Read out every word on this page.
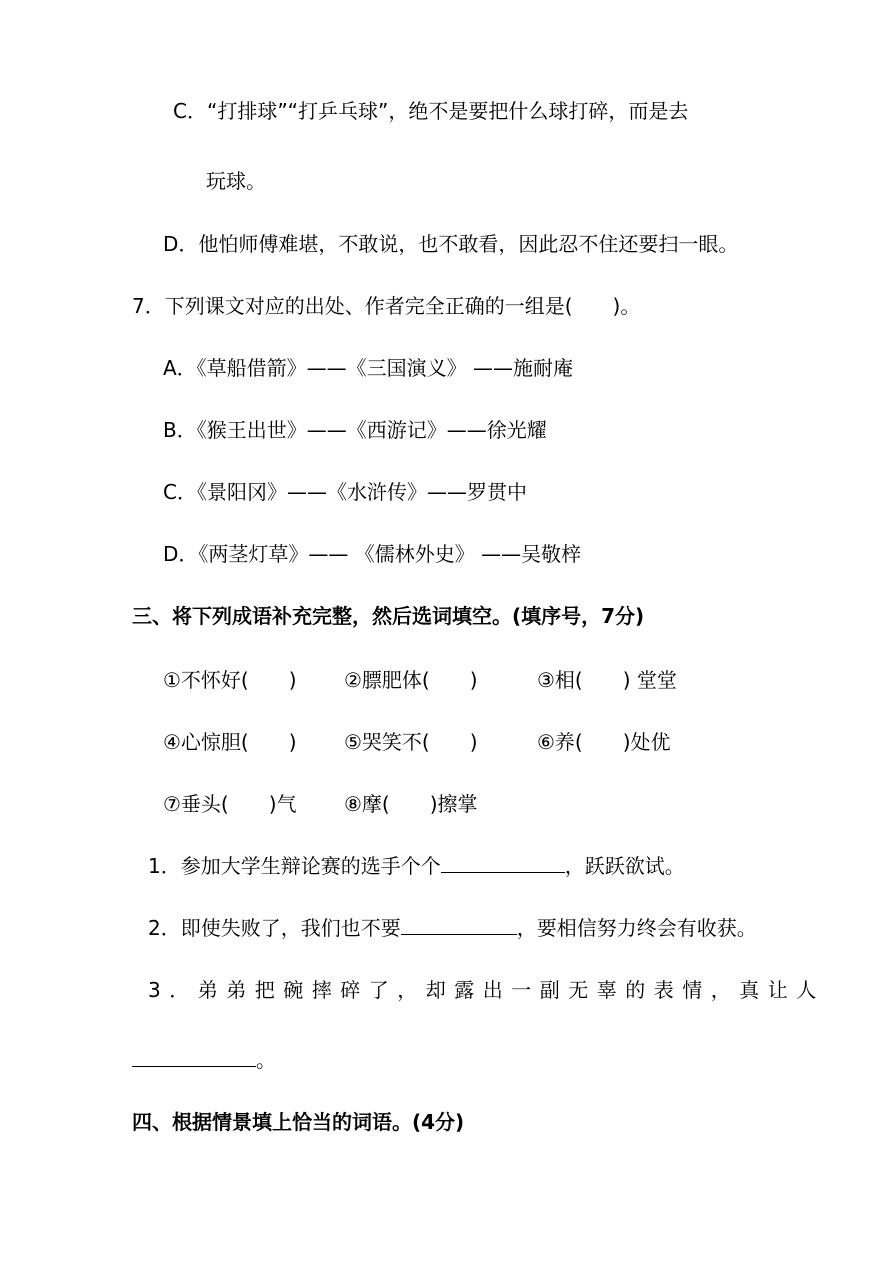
C．“打排球”“打乒乓球”，绝不是要把什么球打碎，而是去
玩球。
D．他怕师傅难堪，不敢说，也不敢看，因此忍不住还要扫一眼。
7．下列课文对应的出处、作者完全正确的一组是(　　)。
A．《草船借箭》——《三国演义》 ——施耐庵
B．《猴王出世》——《西游记》——徐光耀
C．《景阳冈》——《水浒传》——罗贯中
D．《两茎灯草》—— 《儒林外史》 ——吴敬梓
三、将下列成语补充完整，然后选词填空。(填序号，7分)
①不怀好(　　) ②膘肥体(　　)	③相(　　) 堂堂
④心惊胆(　　) ⑤哭笑不(　　)	⑥养(　　)处优
⑦垂头(　　)气 ⑧摩(　　)擦掌
1．参加大学生辩论赛的选手个个	，跃跃欲试。
2．即使失败了，我们也不要	，要相信努力终会有收获。
3．弟弟把碗摔碎了，却露出一副无辜的表情，真让人
。
四、根据情景填上恰当的词语。(4分)
